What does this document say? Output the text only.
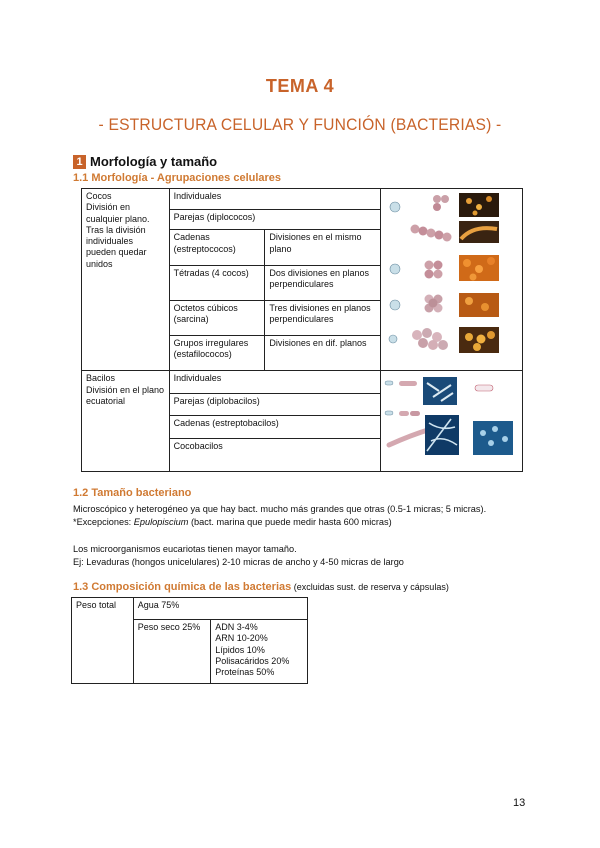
TEMA 4
- ESTRUCTURA CELULAR Y FUNCIÓN (BACTERIAS) -
1 Morfología y tamaño
1.1 Morfología - Agrupaciones celulares
Cocos
División en cualquier plano. Tras la división individuales pueden quedar unidos	Individuales	
	Parejas (diplococos)		
	Cadenas (estreptococos)	Divisiones en el mismo plano	
	Tétradas (4 cocos)	Dos divisiones en planos perpendiculares	
	Octetos cúbicos (sarcina)	Tres divisiones en planos perpendiculares	
	Grupos irregulares (estafilococos)	Divisiones en dif. planos	

Bacilos
División en el plano ecuatorial	Individuales	
	Parejas (diplobacilos)		
	Cadenas (estreptobacilos)		
	Cocobacilos		
1.2 Tamaño bacteriano
Microscópico y heterogéneo ya que hay bact. mucho más grandes que otras (0.5-1 micras; 5 micras).
*Excepciones: Epulopiscium (bact. marina que puede medir hasta 600 micras)
Los microorganismos eucariotas tienen mayor tamaño.
Ej: Levaduras (hongos unicelulares) 2-10 micras de ancho y 4-50 micras de largo
1.3 Composición química de las bacterias (excluidas sust. de reserva y cápsulas)
Peso total	Agua 75%	
	Peso seco 25%	ADN 3-4%
ARN 10-20%
Lípidos 10%
Polisacáridos 20%
Proteínas 50%
13
